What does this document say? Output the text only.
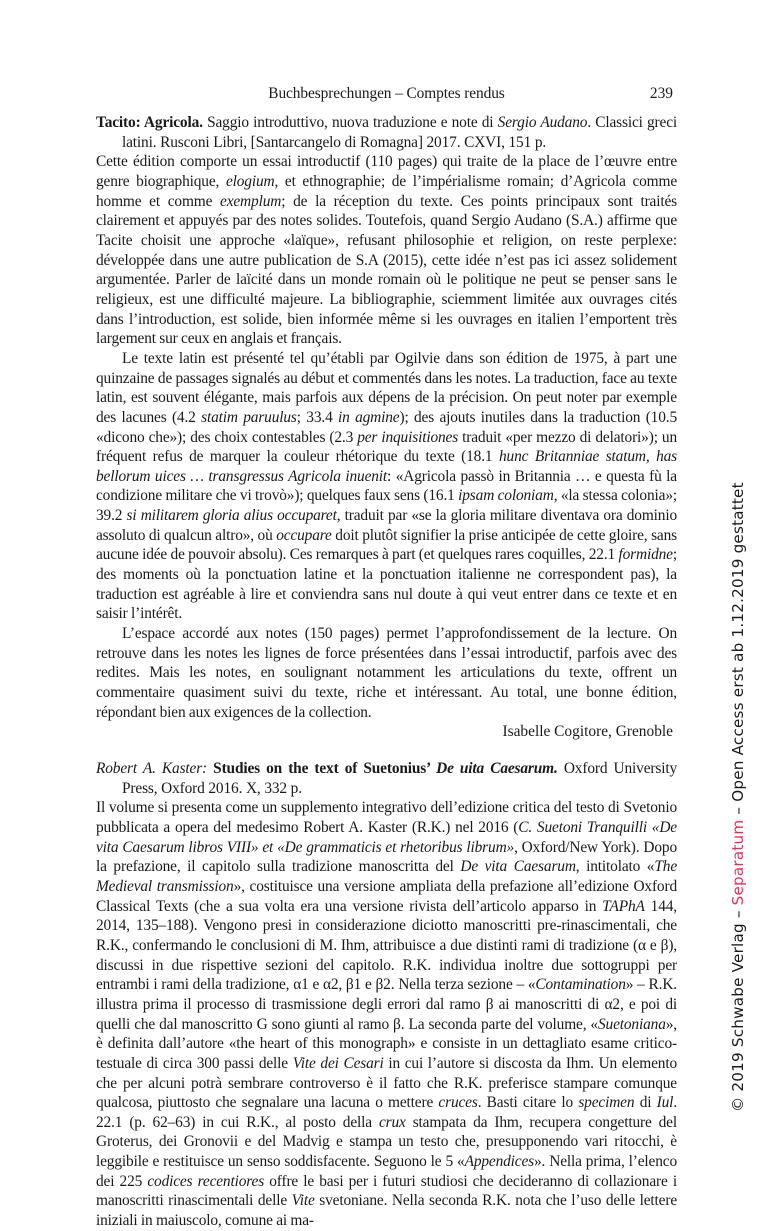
Buchbesprechungen – Comptes rendus	239
Tacito: Agricola. Saggio introduttivo, nuova traduzione e note di Sergio Audano. Classici greci latini. Rusconi Libri, [Santarcangelo di Romagna] 2017. CXVI, 151 p.

Cette édition comporte un essai introductif (110 pages) qui traite de la place de l’œuvre entre genre biographique, elogium, et ethnographie; de l’impérialisme romain; d’Agricola comme homme et comme exemplum; de la réception du texte. Ces points principaux sont traités clairement et appuyés par des notes solides. Toutefois, quand Sergio Audano (S.A.) affirme que Tacite choisit une approche «laïque», refusant philosophie et religion, on reste perplexe: développée dans une autre publication de S.A (2015), cette idée n’est pas ici assez solidement argumentée. Parler de laïcité dans un monde romain où le politique ne peut se penser sans le religieux, est une difficulté majeure. La bibliographie, sciemment limitée aux ouvrages cités dans l’introduction, est solide, bien informée même si les ouvrages en italien l’emportent très largement sur ceux en anglais et français.

Le texte latin est présenté tel qu’établi par Ogilvie dans son édition de 1975, à part une quinzaine de passages signalés au début et commentés dans les notes. La traduction, face au texte latin, est souvent élégante, mais parfois aux dépens de la précision. On peut noter par exemple des lacunes (4.2 statim paruulus; 33.4 in agmine); des ajouts inutiles dans la traduction (10.5 «dicono che»); des choix contestables (2.3 per inquisitiones traduit «per mezzo di delatori»); un fréquent refus de marquer la couleur rhétorique du texte (18.1 hunc Britanniae statum, has bellorum uices … transgressus Agricola inuenit: «Agricola passò in Britannia … e questa fù la condizione militare che vi trovò»); quelques faux sens (16.1 ipsam coloniam, «la stessa colonia»; 39.2 si militarem gloria alius occuparet, traduit par «se la gloria militare diventava ora dominio assoluto di qualcun altro», où occupare doit plutôt signifier la prise anticipée de cette gloire, sans aucune idée de pouvoir absolu). Ces remarques à part (et quelques rares coquilles, 22.1 formidne; des moments où la ponctuation latine et la ponctuation italienne ne correspondent pas), la traduction est agréable à lire et conviendra sans nul doute à qui veut entrer dans ce texte et en saisir l’intérêt.

L’espace accordé aux notes (150 pages) permet l’approfondissement de la lecture. On retrouve dans les notes les lignes de force présentées dans l’essai introductif, parfois avec des redites. Mais les notes, en soulignant notamment les articulations du texte, offrent un commentaire quasiment suivi du texte, riche et intéressant. Au total, une bonne édition, répondant bien aux exigences de la collection.

Isabelle Cogitore, Grenoble
Robert A. Kaster: Studies on the text of Suetonius’ De uita Caesarum. Oxford University Press, Oxford 2016. X, 332 p.

Il volume si presenta come un supplemento integrativo dell’edizione critica del testo di Svetonio pubblicata a opera del medesimo Robert A. Kaster (R.K.) nel 2016 (C. Suetoni Tranquilli «De vita Caesarum libros VIII» et «De grammaticis et rhetoribus librum», Oxford/New York). Dopo la prefazione, il capitolo sulla tradizione manoscritta del De vita Caesarum, intitolato «The Medieval transmission», costituisce una versione ampliata della prefazione all’edizione Oxford Classical Texts (che a sua volta era una versione rivista dell’articolo apparso in TAPhA 144, 2014, 135–188). Vengono presi in considerazione diciotto manoscritti pre-rinascimentali, che R.K., confermando le conclusioni di M. Ihm, attribuisce a due distinti rami di tradizione (α e β), discussi in due rispettive sezioni del capitolo. R.K. individua inoltre due sottogruppi per entrambi i rami della tradizione, α1 e α2, β1 e β2. Nella terza sezione – «Contamination» – R.K. illustra prima il processo di trasmissione degli errori dal ramo β ai manoscritti di α2, e poi di quelli che dal manoscritto G sono giunti al ramo β. La seconda parte del volume, «Suetoniana», è definita dall’autore «the heart of this monograph» e consiste in un dettagliato esame critico-testuale di circa 300 passi delle Vite dei Cesari in cui l’autore si discosta da Ihm. Un elemento che per alcuni potrà sembrare controverso è il fatto che R.K. preferisce stampare comunque qualcosa, piuttosto che segnalare una lacuna o mettere cruces. Basti citare lo specimen di Iul. 22.1 (p. 62–63) in cui R.K., al posto della crux stampata da Ihm, recupera congetture del Groterus, dei Gronovii e del Madvig e stampa un testo che, presupponendo vari ritocchi, è leggibile e restituisce un senso soddisfacente. Seguono le 5 «Appendices». Nella prima, l’elenco dei 225 codices recentiores offre le basi per i futuri studiosi che decideranno di collazionare i manoscritti rinascimentali delle Vite svetoniane. Nella seconda R.K. nota che l’uso delle lettere iniziali in maiuscolo, comune ai ma-

© 2019 Schwabe Verlag – Separatum – Open Access erst ab 1.12.2019 gestattet
